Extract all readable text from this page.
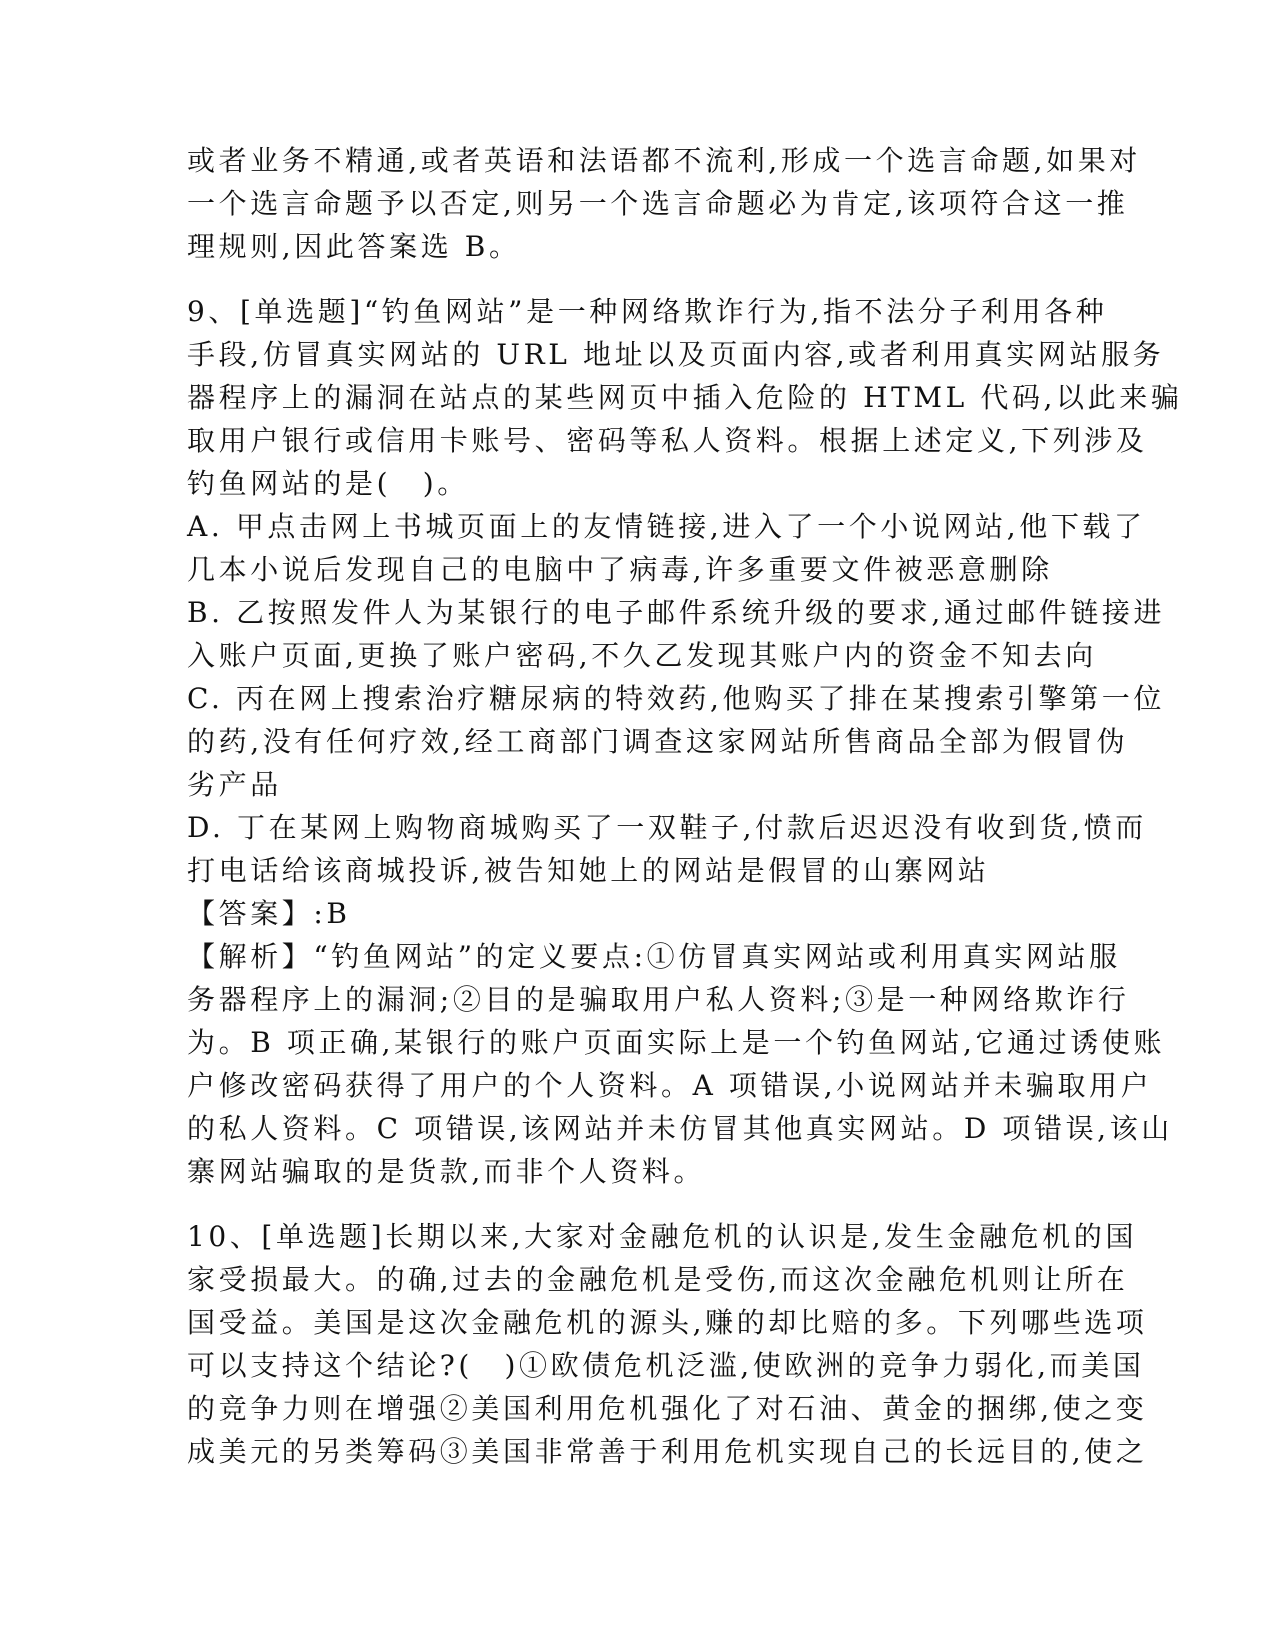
或者业务不精通,或者英语和法语都不流利,形成一个选言命题,如果对
一个选言命题予以否定,则另一个选言命题必为肯定,该项符合这一推
理规则,因此答案选 B。
9、[单选题]“钓鱼网站”是一种网络欺诈行为,指不法分子利用各种
手段,仿冒真实网站的 URL 地址以及页面内容,或者利用真实网站服务
器程序上的漏洞在站点的某些网页中插入危险的 HTML 代码,以此来骗
取用户银行或信用卡账号、密码等私人资料。根据上述定义,下列涉及
钓鱼网站的是(　)。
A. 甲点击网上书城页面上的友情链接,进入了一个小说网站,他下载了
几本小说后发现自己的电脑中了病毒,许多重要文件被恶意删除
B. 乙按照发件人为某银行的电子邮件系统升级的要求,通过邮件链接进
入账户页面,更换了账户密码,不久乙发现其账户内的资金不知去向
C. 丙在网上搜索治疗糖尿病的特效药,他购买了排在某搜索引擎第一位
的药,没有任何疗效,经工商部门调查这家网站所售商品全部为假冒伪
劣产品
D. 丁在某网上购物商城购买了一双鞋子,付款后迟迟没有收到货,愤而
打电话给该商城投诉,被告知她上的网站是假冒的山寨网站
【答案】:B
【解析】“钓鱼网站”的定义要点:①仿冒真实网站或利用真实网站服
务器程序上的漏洞;②目的是骗取用户私人资料;③是一种网络欺诈行
为。B 项正确,某银行的账户页面实际上是一个钓鱼网站,它通过诱使账
户修改密码获得了用户的个人资料。A 项错误,小说网站并未骗取用户
的私人资料。C 项错误,该网站并未仿冒其他真实网站。D 项错误,该山
寨网站骗取的是货款,而非个人资料。
10、[单选题]长期以来,大家对金融危机的认识是,发生金融危机的国
家受损最大。的确,过去的金融危机是受伤,而这次金融危机则让所在
国受益。美国是这次金融危机的源头,赚的却比赔的多。下列哪些选项
可以支持这个结论?(　)①欧债危机泛滥,使欧洲的竞争力弱化,而美国
的竞争力则在增强②美国利用危机强化了对石油、黄金的捆绑,使之变
成美元的另类筹码③美国非常善于利用危机实现自己的长远目的,使之
